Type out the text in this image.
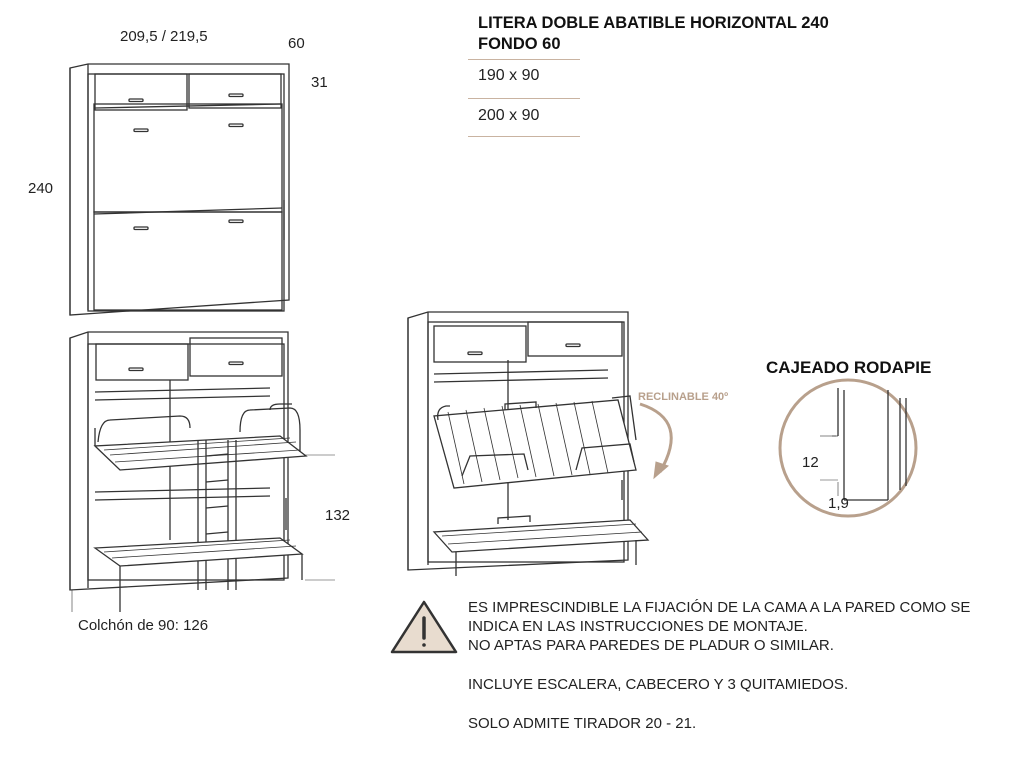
209,5 / 219,5	60
31
240
132
Colchón de 90: 126
LITERA DOBLE ABATIBLE HORIZONTAL 240
FONDO 60
190 x 90
200 x 90
RECLINABLE 40º
CAJEADO RODAPIE
12
1,9
ES IMPRESCINDIBLE LA FIJACIÓN DE LA CAMA A LA PARED COMO SE
INDICA EN LAS INSTRUCCIONES DE MONTAJE.
NO APTAS PARA PAREDES DE PLADUR O SIMILAR.
INCLUYE ESCALERA, CABECERO Y 3 QUITAMIEDOS.
SOLO ADMITE TIRADOR 20 - 21.
